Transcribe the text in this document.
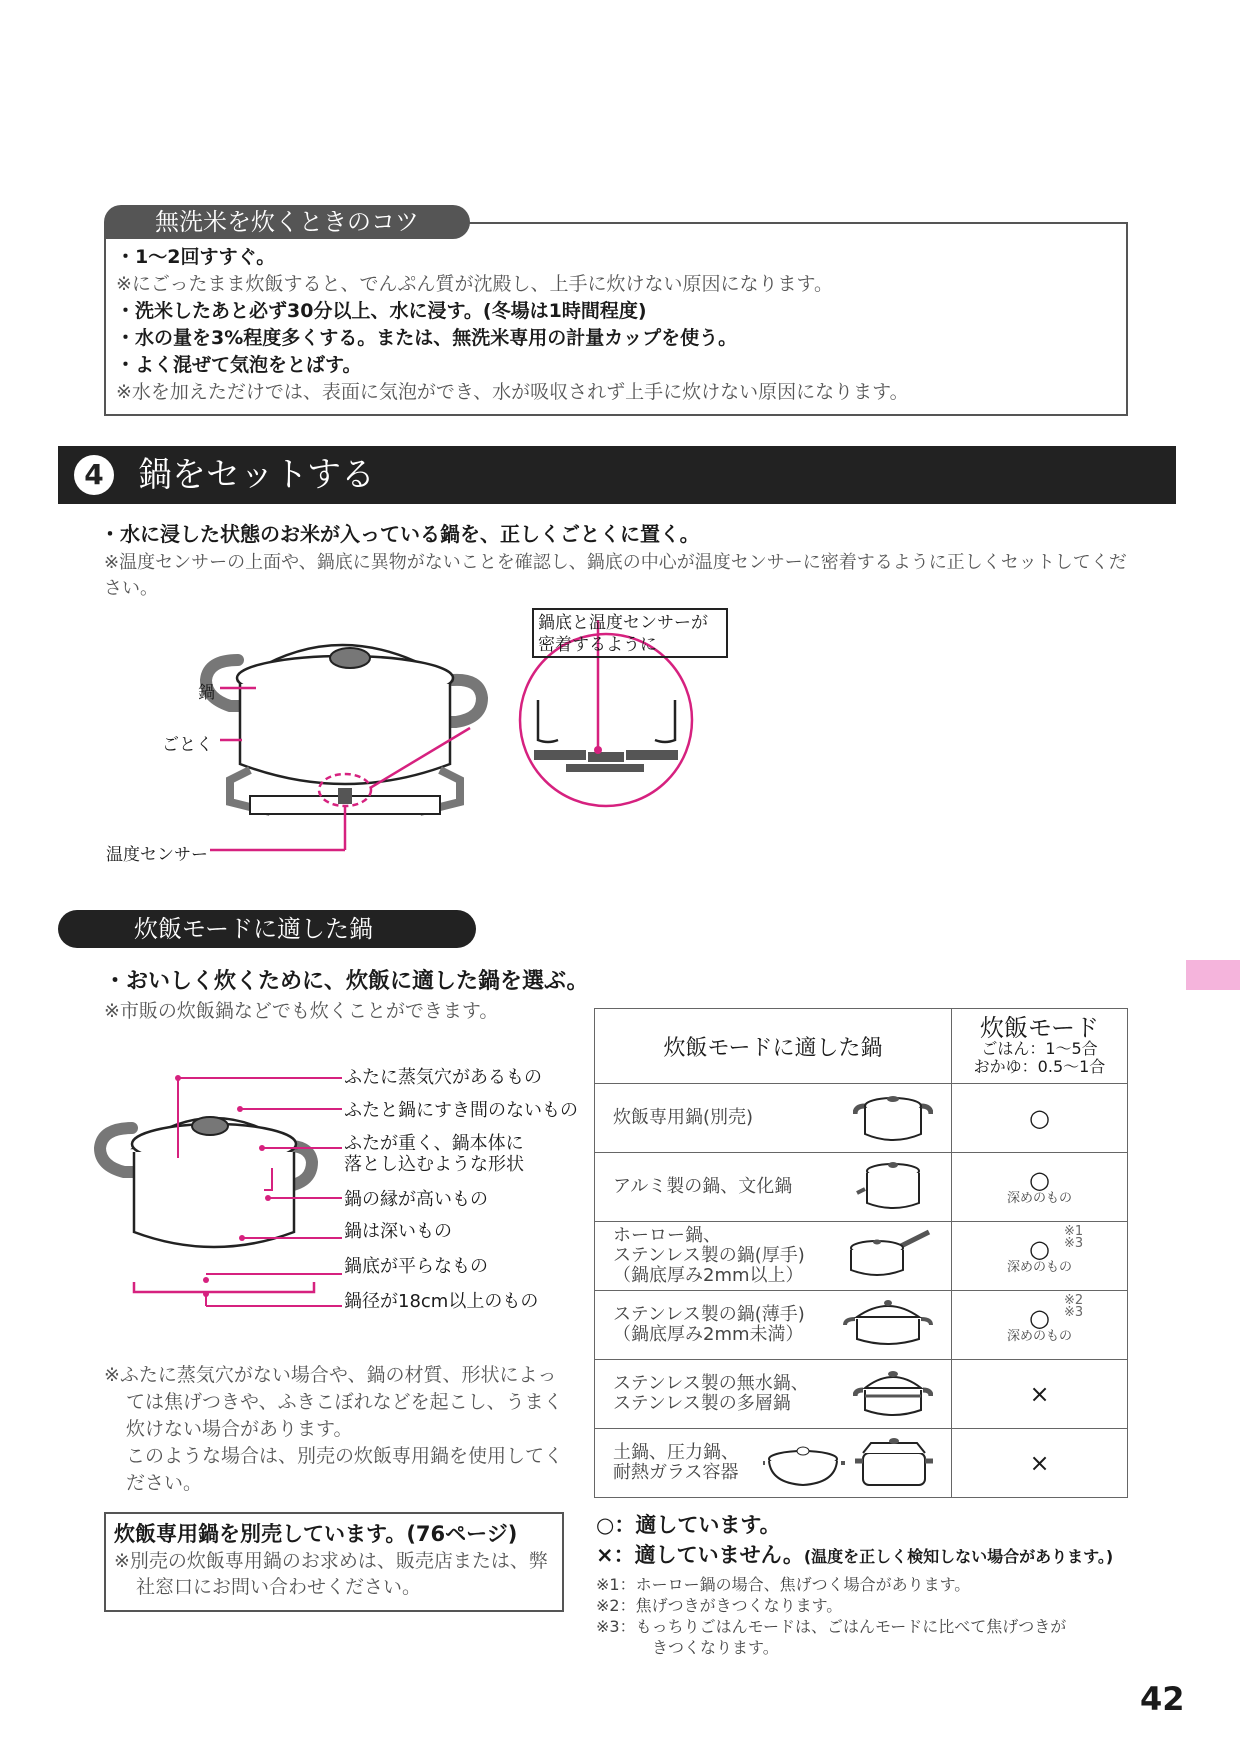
無洗米を炊くときのコツ
・1〜2回すすぐ。
※にごったまま炊飯すると、でんぷん質が沈殿し、上手に炊けない原因になります。
・洗米したあと必ず30分以上、水に浸す。(冬場は1時間程度)
・水の量を3%程度多くする。または、無洗米専用の計量カップを使う。
・よく混ぜて気泡をとばす。
※水を加えただけでは、表面に気泡ができ、水が吸収されず上手に炊けない原因になります。
4	鍋をセットする
・水に浸した状態のお米が入っている鍋を、正しくごとくに置く。
※温度センサーの上面や、鍋底に異物がないことを確認し、鍋底の中心が温度センサーに密着するように正しくセットしてください。
鍋底と温度センサーが
密着するように
鍋
ごとく
温度センサー
炊飯モードに適した鍋
・おいしく炊くために、炊飯に適した鍋を選ぶ。
※市販の炊飯鍋などでも炊くことができます。
ふたに蒸気穴があるもの
ふたと鍋にすき間のないもの
ふたが重く、鍋本体に
落とし込むような形状
鍋の縁が高いもの
鍋は深いもの
鍋底が平らなもの
鍋径が18cm以上のもの

※ふたに蒸気穴がない場合や、鍋の材質、形状によっては焦げつきや、ふきこぼれなどを起こし、うまく炊けない場合があります。

このような場合は、別売の炊飯専用鍋を使用してください。

炊飯専用鍋を別売しています。(76ページ)
※別売の炊飯専用鍋のお求めは、販売店または、弊社窓口にお問い合わせください。
炊飯モードに適した鍋	炊飯モード
ごはん：1〜5合
おかゆ：0.5〜1合

炊飯専用鍋(別売)	○

アルミ製の鍋、文化鍋	○
深めのもの

ホーロー鍋、
ステンレス製の鍋(厚手)
（鍋底厚み2mm以上）	○
深めのもの
※1
※3

ステンレス製の鍋(薄手)
（鍋底厚み2mm未満）	○
深めのもの
※2
※3

ステンレス製の無水鍋、
ステンレス製の多層鍋	×

土鍋、圧力鍋、
耐熱ガラス容器	×
○：適しています。
×：適していません。(温度を正しく検知しない場合があります。)

※1：ホーロー鍋の場合、焦げつく場合があります。

※2：焦げつきがきつくなります。

※3：もっちりごはんモードは、ごはんモードに比べて焦げつきが

きつくなります。

42
